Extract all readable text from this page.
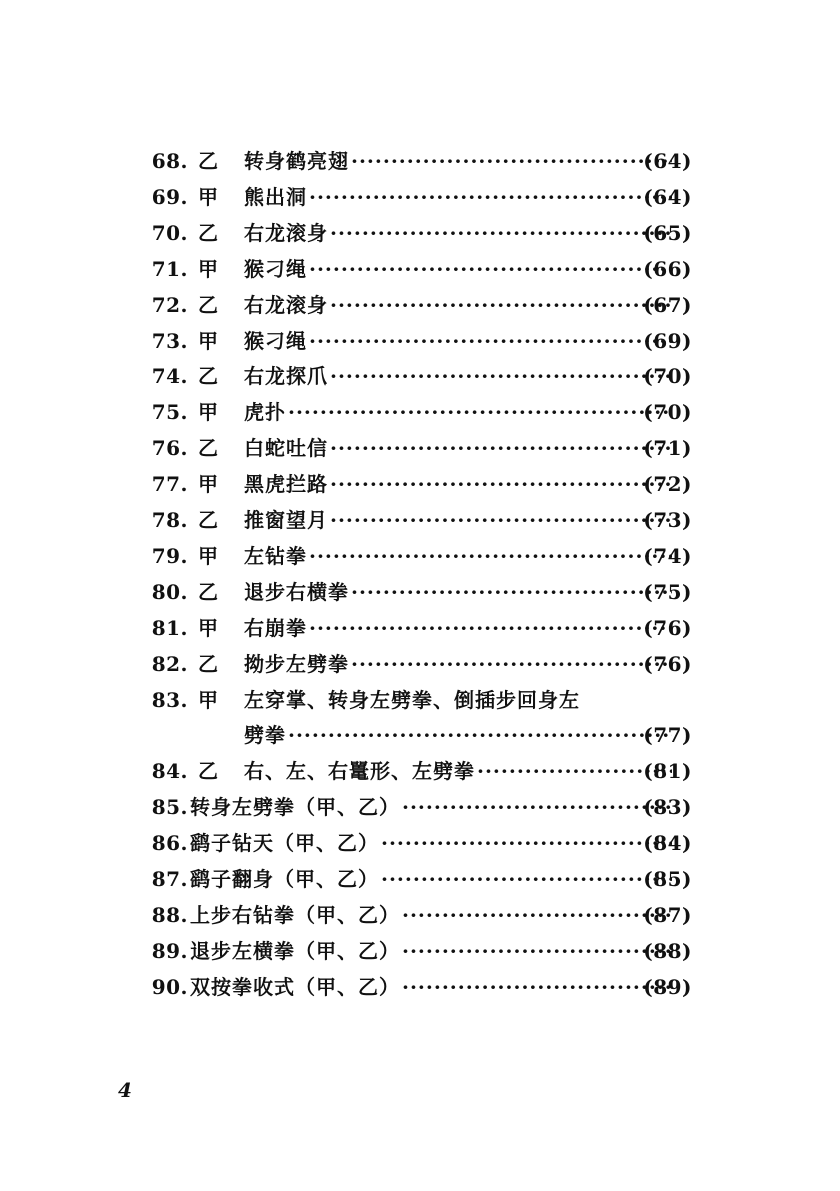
68. 乙	转身鹤亮翅 ·····	(64)
69. 甲	熊出洞 ·····	(64)
70. 乙	右龙滚身 ·····	(65)
71. 甲	猴刁绳 ·····	(66)
72. 乙	右龙滚身 ·····	(67)
73. 甲	猴刁绳 ·····	(69)
74. 乙	右龙探爪 ·····	(70)
75. 甲	虎扑 ·····	(70)
76. 乙	白蛇吐信 ·····	(71)
77. 甲	黑虎拦路 ·····	(72)
78. 乙	推窗望月 ·····	(73)
79. 甲	左钻拳 ·····	(74)
80. 乙	退步右横拳 ·····	(75)
81. 甲	右崩拳 ·····	(76)
82. 乙	拗步左劈拳 ·····	(76)
83. 甲	左穿掌、转身左劈拳、倒插步回身左
劈拳 ·····	(77)
84. 乙	右、左、右鼍形、左劈拳 ·····	(81)
85. 转身左劈拳（甲、乙） ·····	(83)
86. 鹞子钻天（甲、乙） ·····	(84)
87. 鹞子翻身（甲、乙） ·····	(85)
88. 上步右钻拳（甲、乙） ·····	(87)
89. 退步左横拳（甲、乙） ·····	(88)
90. 双按拳收式（甲、乙） ·····	(89)
4
